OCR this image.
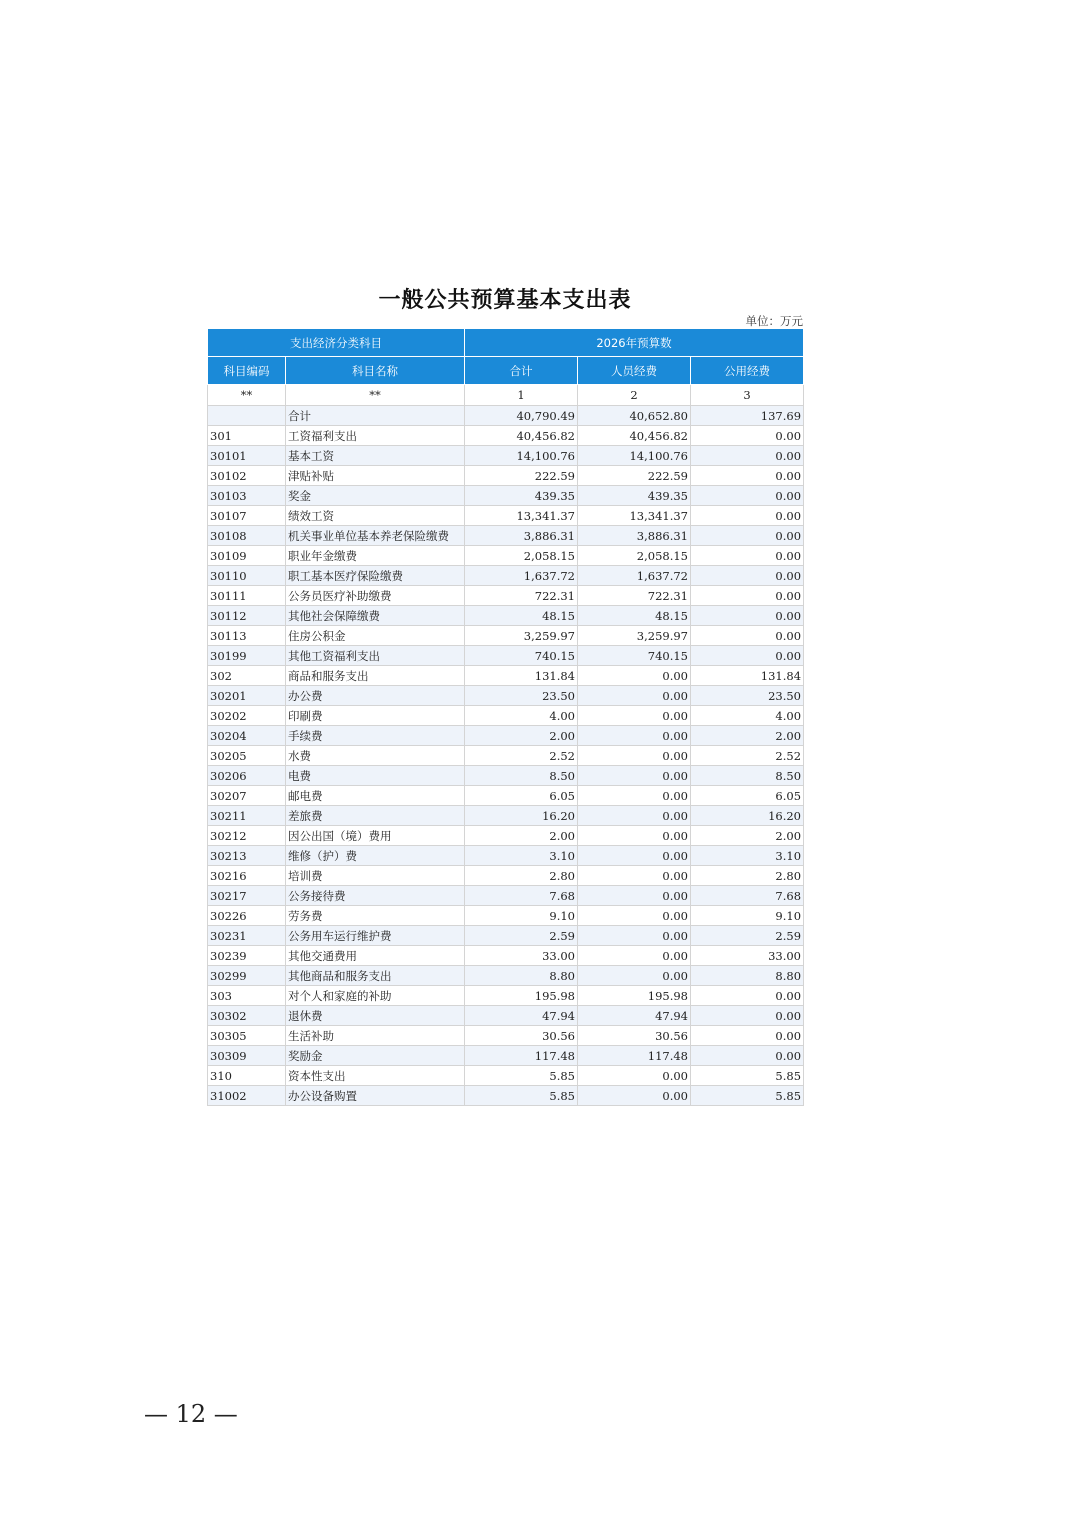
一般公共预算基本支出表
单位：万元
支出经济分类科目		2026年预算数		
科目编码	科目名称	合计	人员经费	公用经费
**	**	1	2	3
	合计	40,790.49	40,652.80	137.69
301	工资福利支出	40,456.82	40,456.82	0.00
30101	基本工资	14,100.76	14,100.76	0.00
30102	津贴补贴	222.59	222.59	0.00
30103	奖金	439.35	439.35	0.00
30107	绩效工资	13,341.37	13,341.37	0.00
30108	机关事业单位基本养老保险缴费	3,886.31	3,886.31	0.00
30109	职业年金缴费	2,058.15	2,058.15	0.00
30110	职工基本医疗保险缴费	1,637.72	1,637.72	0.00
30111	公务员医疗补助缴费	722.31	722.31	0.00
30112	其他社会保障缴费	48.15	48.15	0.00
30113	住房公积金	3,259.97	3,259.97	0.00
30199	其他工资福利支出	740.15	740.15	0.00
302	商品和服务支出	131.84	0.00	131.84
30201	办公费	23.50	0.00	23.50
30202	印刷费	4.00	0.00	4.00
30204	手续费	2.00	0.00	2.00
30205	水费	2.52	0.00	2.52
30206	电费	8.50	0.00	8.50
30207	邮电费	6.05	0.00	6.05
30211	差旅费	16.20	0.00	16.20
30212	因公出国（境）费用	2.00	0.00	2.00
30213	维修（护）费	3.10	0.00	3.10
30216	培训费	2.80	0.00	2.80
30217	公务接待费	7.68	0.00	7.68
30226	劳务费	9.10	0.00	9.10
30231	公务用车运行维护费	2.59	0.00	2.59
30239	其他交通费用	33.00	0.00	33.00
30299	其他商品和服务支出	8.80	0.00	8.80
303	对个人和家庭的补助	195.98	195.98	0.00
30302	退休费	47.94	47.94	0.00
30305	生活补助	30.56	30.56	0.00
30309	奖励金	117.48	117.48	0.00
310	资本性支出	5.85	0.00	5.85
31002	办公设备购置	5.85	0.00	5.85
— 12 —
